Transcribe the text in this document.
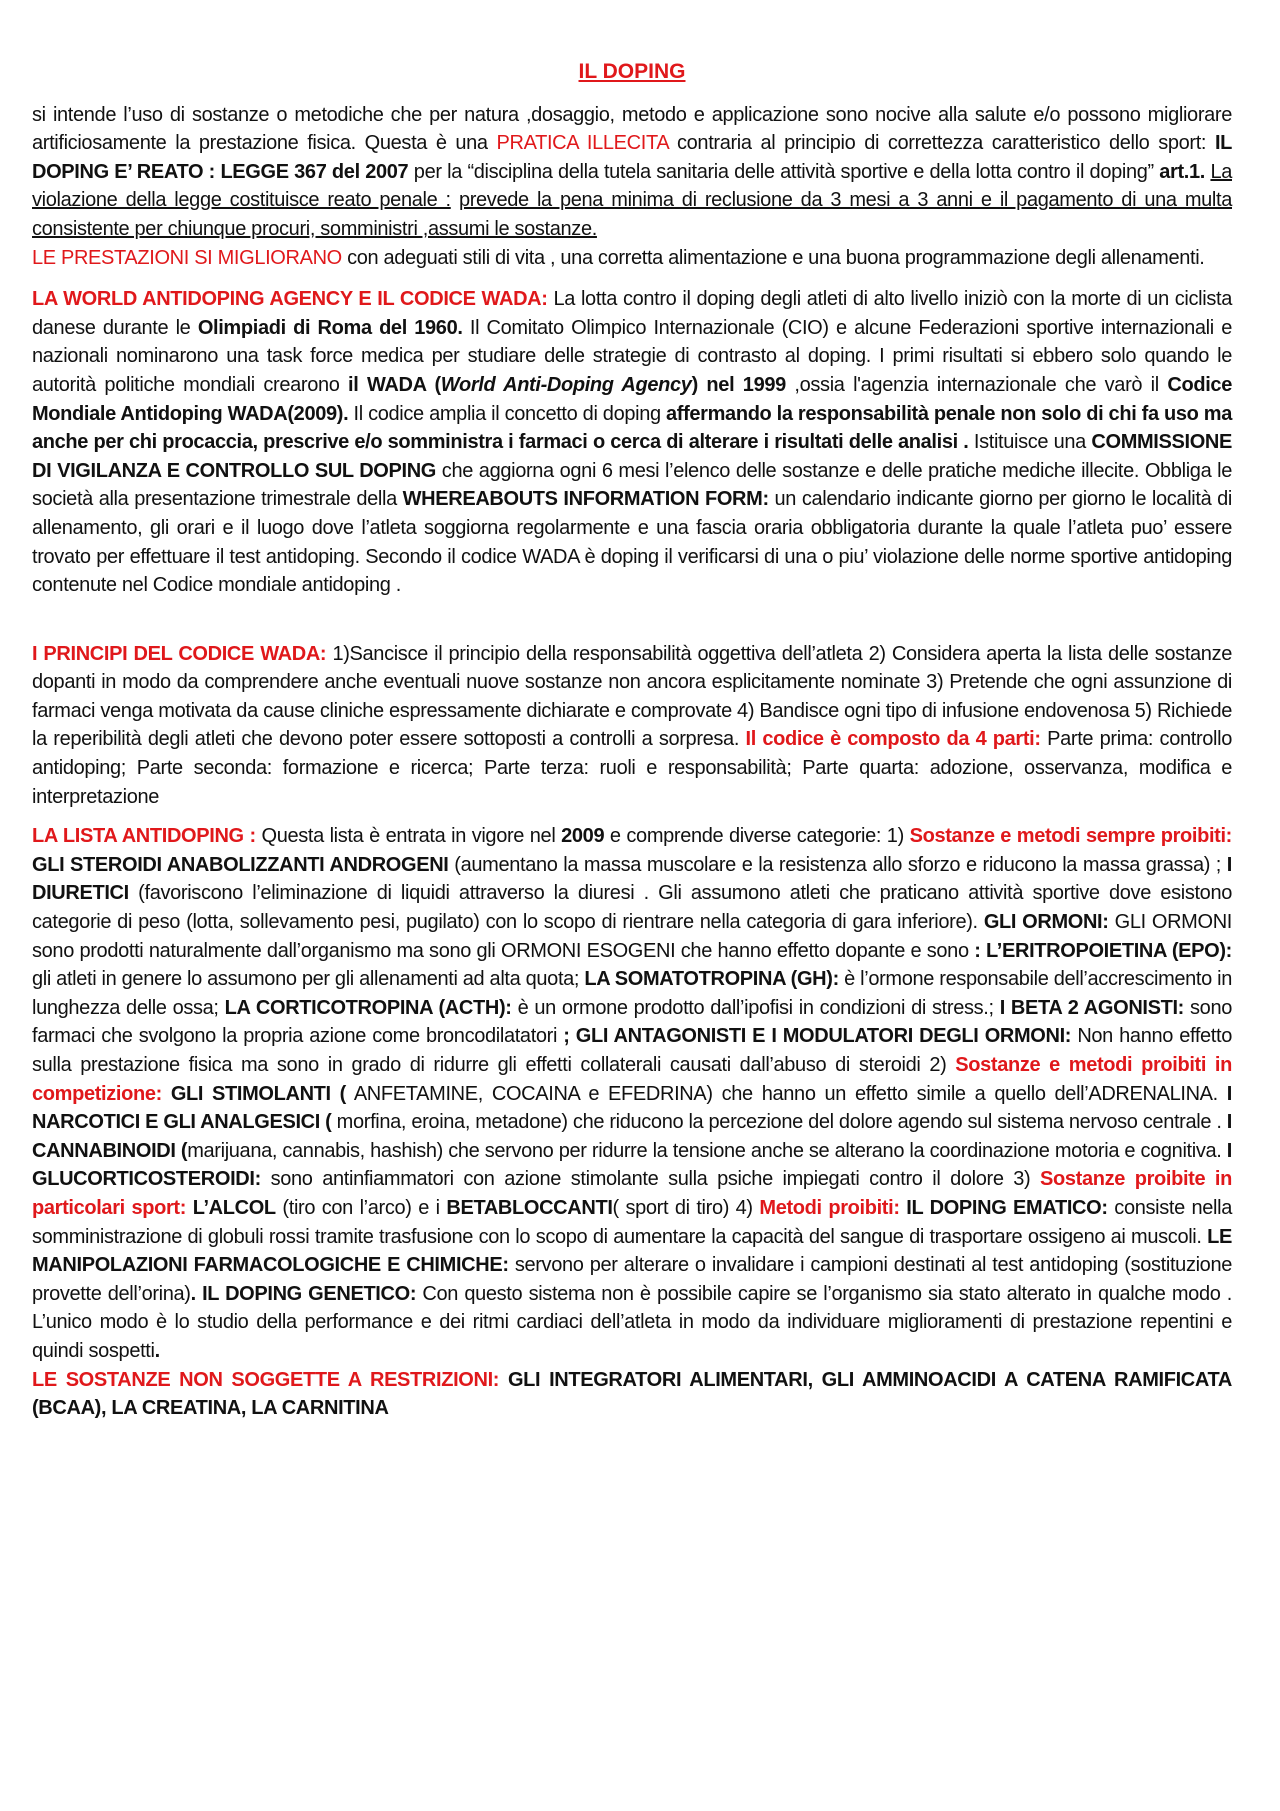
IL DOPING

si intende l’uso di sostanze o metodiche che per natura ,dosaggio, metodo e applicazione sono nocive alla salute e/o possono migliorare artificiosamente la prestazione fisica. Questa è una PRATICA ILLECITA contraria al principio di correttezza caratteristico dello sport: IL DOPING E’ REATO : LEGGE 367 del 2007 per la “disciplina della tutela sanitaria delle attività sportive e della lotta contro il doping” art.1. La violazione della legge costituisce reato penale : prevede la pena minima di reclusione da 3 mesi a 3 anni e il pagamento di una multa consistente per chiunque procuri, somministri ,assumi le sostanze.
LE PRESTAZIONI SI MIGLIORANO con adeguati stili di vita , una corretta alimentazione e una buona programmazione degli allenamenti.

LA WORLD ANTIDOPING AGENCY E IL CODICE WADA: La lotta contro il doping degli atleti di alto livello iniziò con la morte di un ciclista danese durante le Olimpiadi di Roma del 1960. Il Comitato Olimpico Internazionale (CIO) e alcune Federazioni sportive internazionali e nazionali nominarono una task force medica per studiare delle strategie di contrasto al doping. I primi risultati si ebbero solo quando le autorità politiche mondiali crearono il WADA (World Anti-Doping Agency) nel 1999 ,ossia l'agenzia internazionale che varò il Codice Mondiale Antidoping WADA(2009). Il codice amplia il concetto di doping affermando la responsabilità penale non solo di chi fa uso ma anche per chi procaccia, prescrive e/o somministra i farmaci o cerca di alterare i risultati delle analisi . Istituisce una COMMISSIONE DI VIGILANZA E CONTROLLO SUL DOPING che aggiorna ogni 6 mesi l’elenco delle sostanze e delle pratiche mediche illecite. Obbliga le società alla presentazione trimestrale della WHEREABOUTS INFORMATION FORM: un calendario indicante giorno per giorno le località di allenamento, gli orari e il luogo dove l’atleta soggiorna regolarmente e una fascia oraria obbligatoria durante la quale l’atleta puo’ essere trovato per effettuare il test antidoping. Secondo il codice WADA è doping il verificarsi di una o piu’ violazione delle norme sportive antidoping contenute nel Codice mondiale antidoping .

I PRINCIPI DEL CODICE WADA: 1)Sancisce il principio della responsabilità oggettiva dell’atleta 2) Considera aperta la lista delle sostanze dopanti in modo da comprendere anche eventuali nuove sostanze non ancora esplicitamente nominate 3) Pretende che ogni assunzione di farmaci venga motivata da cause cliniche espressamente dichiarate e comprovate 4) Bandisce ogni tipo di infusione endovenosa 5) Richiede la reperibilità degli atleti che devono poter essere sottoposti a controlli a sorpresa. Il codice è composto da 4 parti: Parte prima: controllo antidoping; Parte seconda: formazione e ricerca; Parte terza: ruoli e responsabilità; Parte quarta: adozione, osservanza, modifica e interpretazione

LA LISTA ANTIDOPING : Questa lista è entrata in vigore nel 2009 e comprende diverse categorie: 1) Sostanze e metodi sempre proibiti: GLI STEROIDI ANABOLIZZANTI ANDROGENI (aumentano la massa muscolare e la resistenza allo sforzo e riducono la massa grassa) ; I DIURETICI (favoriscono l’eliminazione di liquidi attraverso la diuresi . Gli assumono atleti che praticano attività sportive dove esistono categorie di peso (lotta, sollevamento pesi, pugilato) con lo scopo di rientrare nella categoria di gara inferiore). GLI ORMONI: GLI ORMONI sono prodotti naturalmente dall’organismo ma sono gli ORMONI ESOGENI che hanno effetto dopante e sono : L’ERITROPOIETINA (EPO): gli atleti in genere lo assumono per gli allenamenti ad alta quota; LA SOMATOTROPINA (GH): è l’ormone responsabile dell’accrescimento in lunghezza delle ossa; LA CORTICOTROPINA (ACTH): è un ormone prodotto dall’ipofisi in condizioni di stress.; I BETA 2 AGONISTI: sono farmaci che svolgono la propria azione come broncodilatatori ; GLI ANTAGONISTI E I MODULATORI DEGLI ORMONI: Non hanno effetto sulla prestazione fisica ma sono in grado di ridurre gli effetti collaterali causati dall’abuso di steroidi 2) Sostanze e metodi proibiti in competizione: GLI STIMOLANTI ( ANFETAMINE, COCAINA e EFEDRINA) che hanno un effetto simile a quello dell’ADRENALINA. I NARCOTICI E GLI ANALGESICI ( morfina, eroina, metadone) che riducono la percezione del dolore agendo sul sistema nervoso centrale . I CANNABINOIDI (marijuana, cannabis, hashish) che servono per ridurre la tensione anche se alterano la coordinazione motoria e cognitiva. I GLUCORTICOSTEROIDI: sono antinfiammatori con azione stimolante sulla psiche impiegati contro il dolore 3) Sostanze proibite in particolari sport: L’ALCOL (tiro con l’arco) e i BETABLOCCANTI( sport di tiro) 4) Metodi proibiti: IL DOPING EMATICO: consiste nella somministrazione di globuli rossi tramite trasfusione con lo scopo di aumentare la capacità del sangue di trasportare ossigeno ai muscoli. LE MANIPOLAZIONI FARMACOLOGICHE E CHIMICHE: servono per alterare o invalidare i campioni destinati al test antidoping (sostituzione provette dell’orina). IL DOPING GENETICO: Con questo sistema non è possibile capire se l’organismo sia stato alterato in qualche modo . L’unico modo è lo studio della performance e dei ritmi cardiaci dell’atleta in modo da individuare miglioramenti di prestazione repentini e quindi sospetti.
LE SOSTANZE NON SOGGETTE A RESTRIZIONI: GLI INTEGRATORI ALIMENTARI, GLI AMMINOACIDI A CATENA RAMIFICATA (BCAA), LA CREATINA, LA CARNITINA
